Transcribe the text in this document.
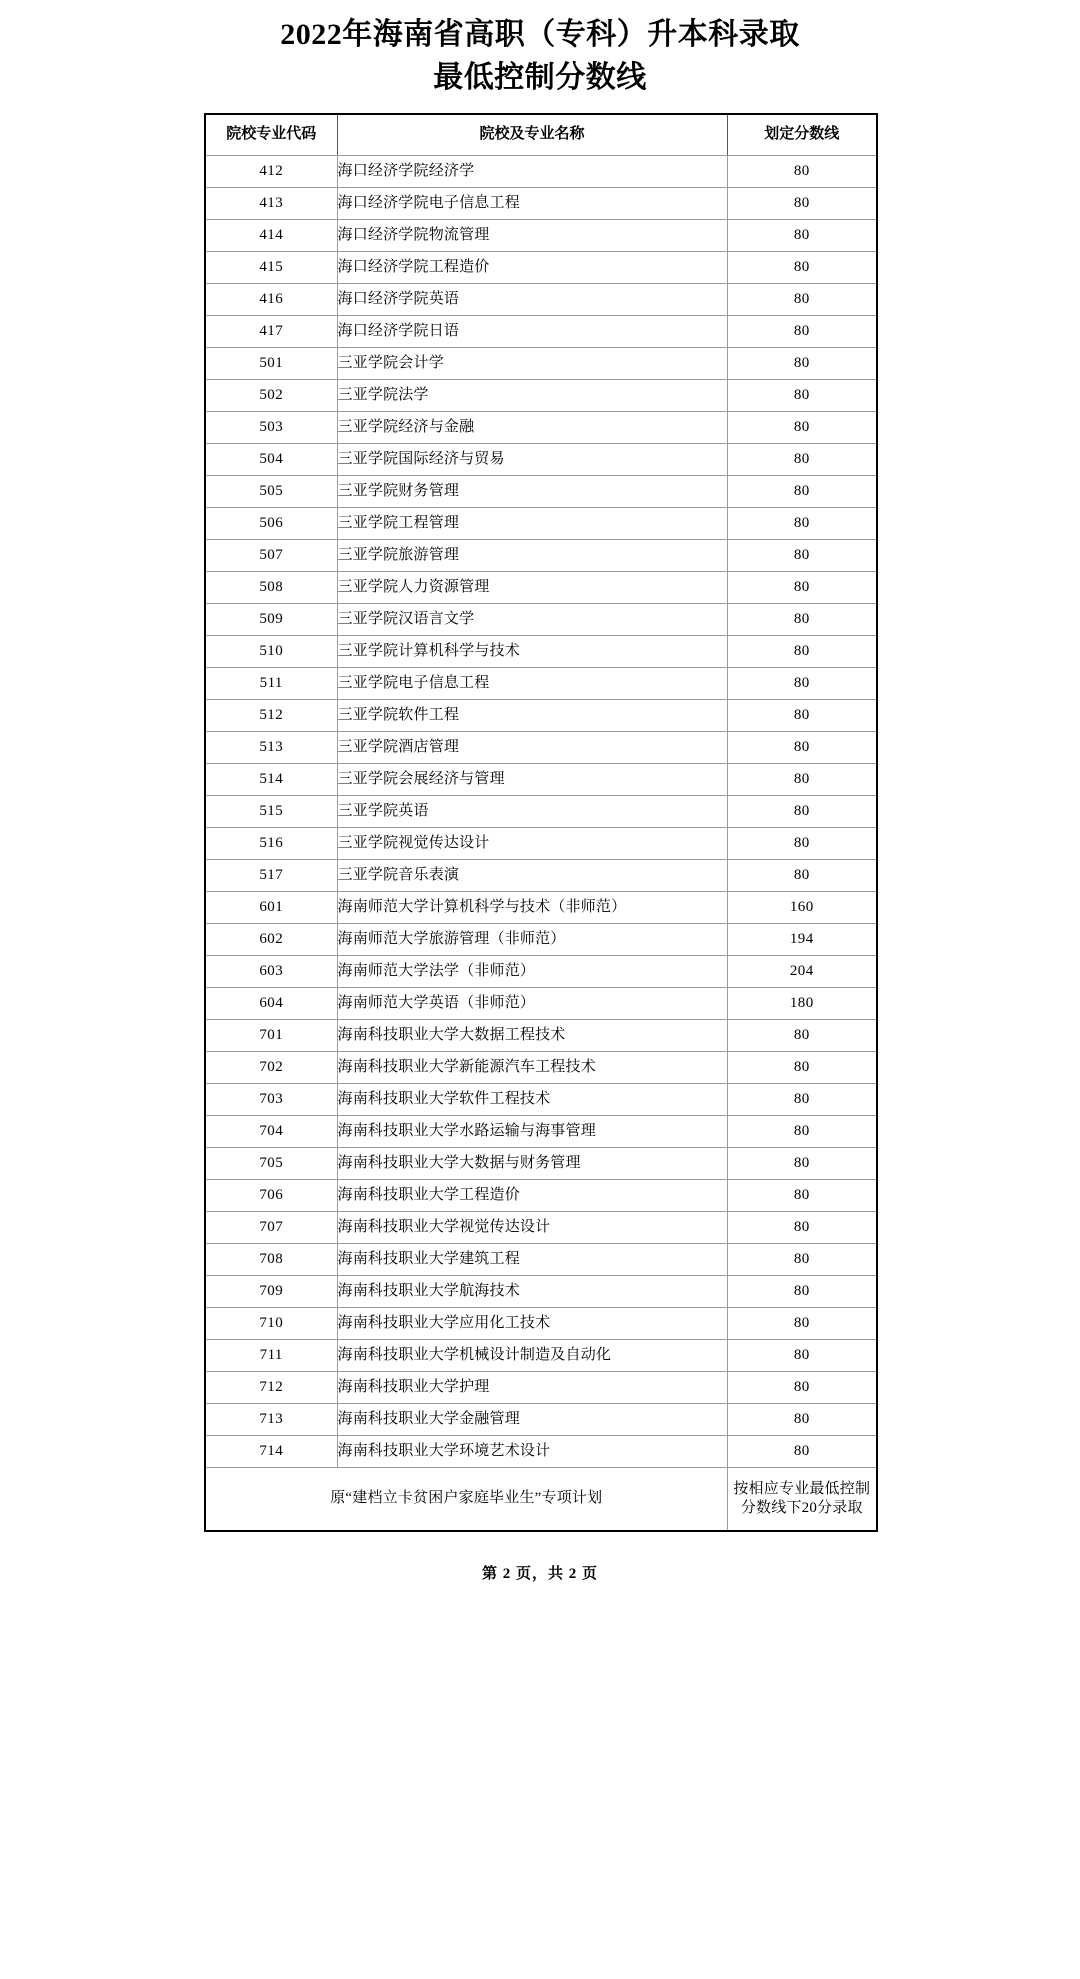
2022年海南省高职（专科）升本科录取
最低控制分数线
院校专业代码	院校及专业名称	划定分数线
412	海口经济学院经济学	80
413	海口经济学院电子信息工程	80
414	海口经济学院物流管理	80
415	海口经济学院工程造价	80
416	海口经济学院英语	80
417	海口经济学院日语	80
501	三亚学院会计学	80
502	三亚学院法学	80
503	三亚学院经济与金融	80
504	三亚学院国际经济与贸易	80
505	三亚学院财务管理	80
506	三亚学院工程管理	80
507	三亚学院旅游管理	80
508	三亚学院人力资源管理	80
509	三亚学院汉语言文学	80
510	三亚学院计算机科学与技术	80
511	三亚学院电子信息工程	80
512	三亚学院软件工程	80
513	三亚学院酒店管理	80
514	三亚学院会展经济与管理	80
515	三亚学院英语	80
516	三亚学院视觉传达设计	80
517	三亚学院音乐表演	80
601	海南师范大学计算机科学与技术（非师范）	160
602	海南师范大学旅游管理（非师范）	194
603	海南师范大学法学（非师范）	204
604	海南师范大学英语（非师范）	180
701	海南科技职业大学大数据工程技术	80
702	海南科技职业大学新能源汽车工程技术	80
703	海南科技职业大学软件工程技术	80
704	海南科技职业大学水路运输与海事管理	80
705	海南科技职业大学大数据与财务管理	80
706	海南科技职业大学工程造价	80
707	海南科技职业大学视觉传达设计	80
708	海南科技职业大学建筑工程	80
709	海南科技职业大学航海技术	80
710	海南科技职业大学应用化工技术	80
711	海南科技职业大学机械设计制造及自动化	80
712	海南科技职业大学护理	80
713	海南科技职业大学金融管理	80
714	海南科技职业大学环境艺术设计	80
原“建档立卡贫困户家庭毕业生”专项计划		按相应专业最低控制
分数线下20分录取
第 2 页，共 2 页
